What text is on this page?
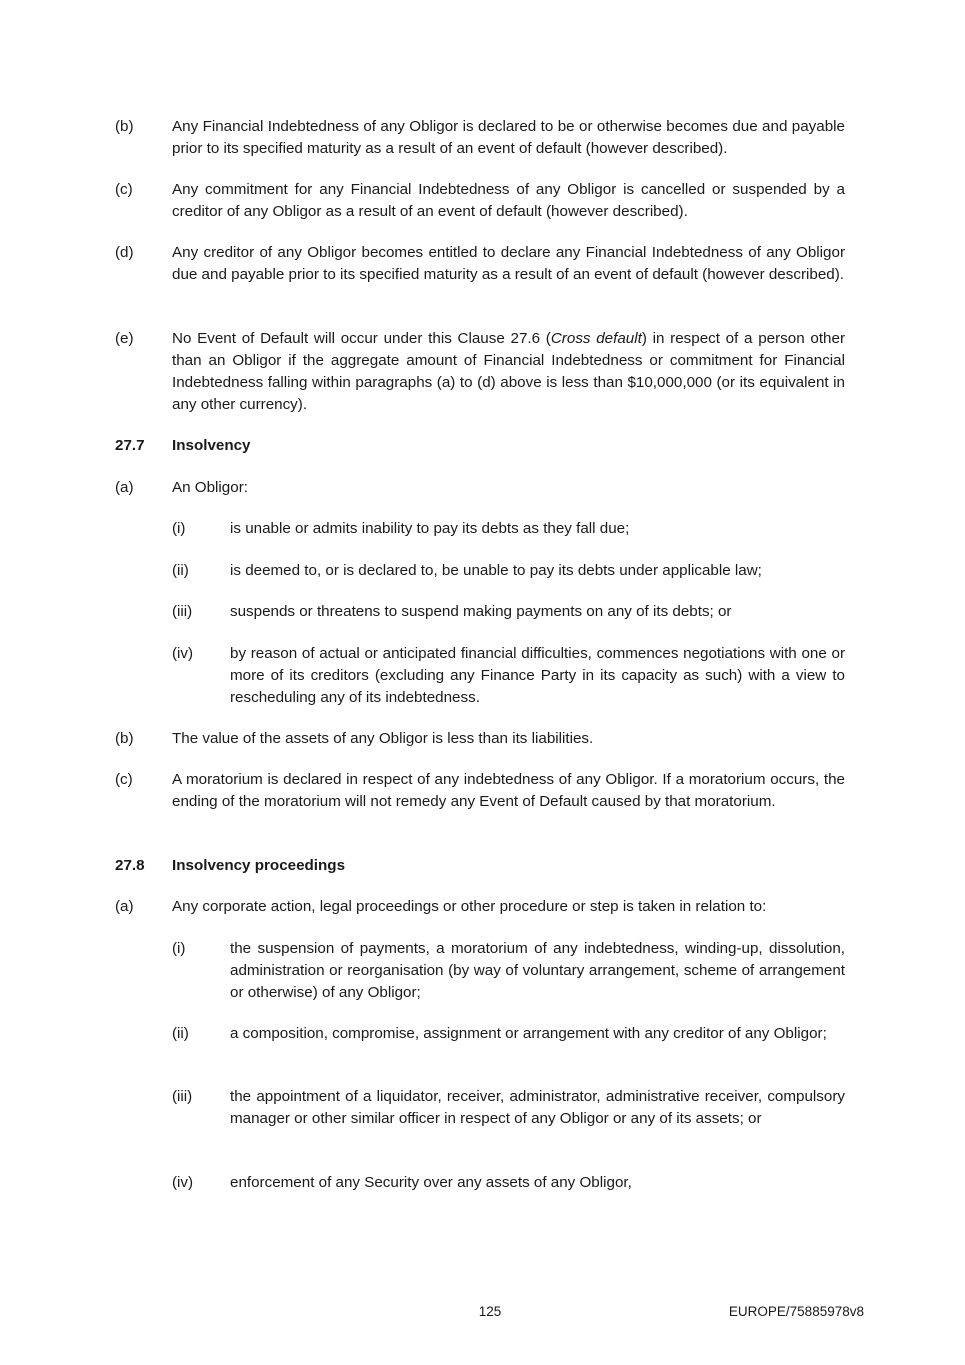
(b)	Any Financial Indebtedness of any Obligor is declared to be or otherwise becomes due and payable prior to its specified maturity as a result of an event of default (however described).
(c)	Any commitment for any Financial Indebtedness of any Obligor is cancelled or suspended by a creditor of any Obligor as a result of an event of default (however described).
(d)	Any creditor of any Obligor becomes entitled to declare any Financial Indebtedness of any Obligor due and payable prior to its specified maturity as a result of an event of default (however described).
(e)	No Event of Default will occur under this Clause 27.6 (Cross default) in respect of a person other than an Obligor if the aggregate amount of Financial Indebtedness or commitment for Financial Indebtedness falling within paragraphs (a) to (d) above is less than $10,000,000 (or its equivalent in any other currency).
27.7	Insolvency
(a)	An Obligor:
(i)	is unable or admits inability to pay its debts as they fall due;
(ii)	is deemed to, or is declared to, be unable to pay its debts under applicable law;
(iii)	suspends or threatens to suspend making payments on any of its debts; or
(iv)	by reason of actual or anticipated financial difficulties, commences negotiations with one or more of its creditors (excluding any Finance Party in its capacity as such) with a view to rescheduling any of its indebtedness.
(b)	The value of the assets of any Obligor is less than its liabilities.
(c)	A moratorium is declared in respect of any indebtedness of any Obligor. If a moratorium occurs, the ending of the moratorium will not remedy any Event of Default caused by that moratorium.
27.8	Insolvency proceedings
(a)	Any corporate action, legal proceedings or other procedure or step is taken in relation to:
(i)	the suspension of payments, a moratorium of any indebtedness, winding-up, dissolution, administration or reorganisation (by way of voluntary arrangement, scheme of arrangement or otherwise) of any Obligor;
(ii)	a composition, compromise, assignment or arrangement with any creditor of any Obligor;
(iii)	the appointment of a liquidator, receiver, administrator, administrative receiver, compulsory manager or other similar officer in respect of any Obligor or any of its assets; or
(iv)	enforcement of any Security over any assets of any Obligor,
125	EUROPE/75885978v8
